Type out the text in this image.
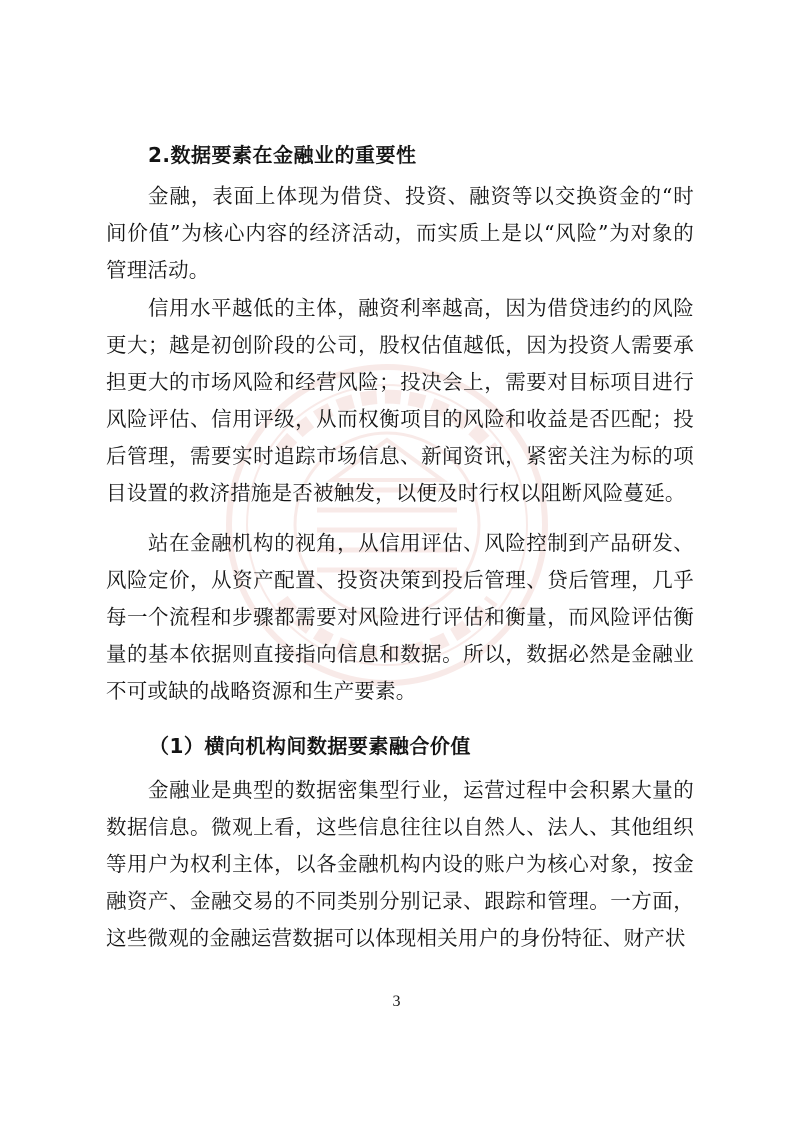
2.数据要素在金融业的重要性

金融，表面上体现为借贷、投资、融资等以交换资金的“时间价值”为核心内容的经济活动，而实质上是以“风险”为对象的管理活动。

信用水平越低的主体，融资利率越高，因为借贷违约的风险更大；越是初创阶段的公司，股权估值越低，因为投资人需要承担更大的市场风险和经营风险；投决会上，需要对目标项目进行风险评估、信用评级，从而权衡项目的风险和收益是否匹配；投后管理，需要实时追踪市场信息、新闻资讯，紧密关注为标的项目设置的救济措施是否被触发，以便及时行权以阻断风险蔓延。

站在金融机构的视角，从信用评估、风险控制到产品研发、风险定价，从资产配置、投资决策到投后管理、贷后管理，几乎每一个流程和步骤都需要对风险进行评估和衡量，而风险评估衡量的基本依据则直接指向信息和数据。所以，数据必然是金融业不可或缺的战略资源和生产要素。

（1）横向机构间数据要素融合价值

金融业是典型的数据密集型行业，运营过程中会积累大量的数据信息。微观上看，这些信息往往以自然人、法人、其他组织等用户为权利主体，以各金融机构内设的账户为核心对象，按金融资产、金融交易的不同类别分别记录、跟踪和管理。一方面，这些微观的金融运营数据可以体现相关用户的身份特征、财产状

3
